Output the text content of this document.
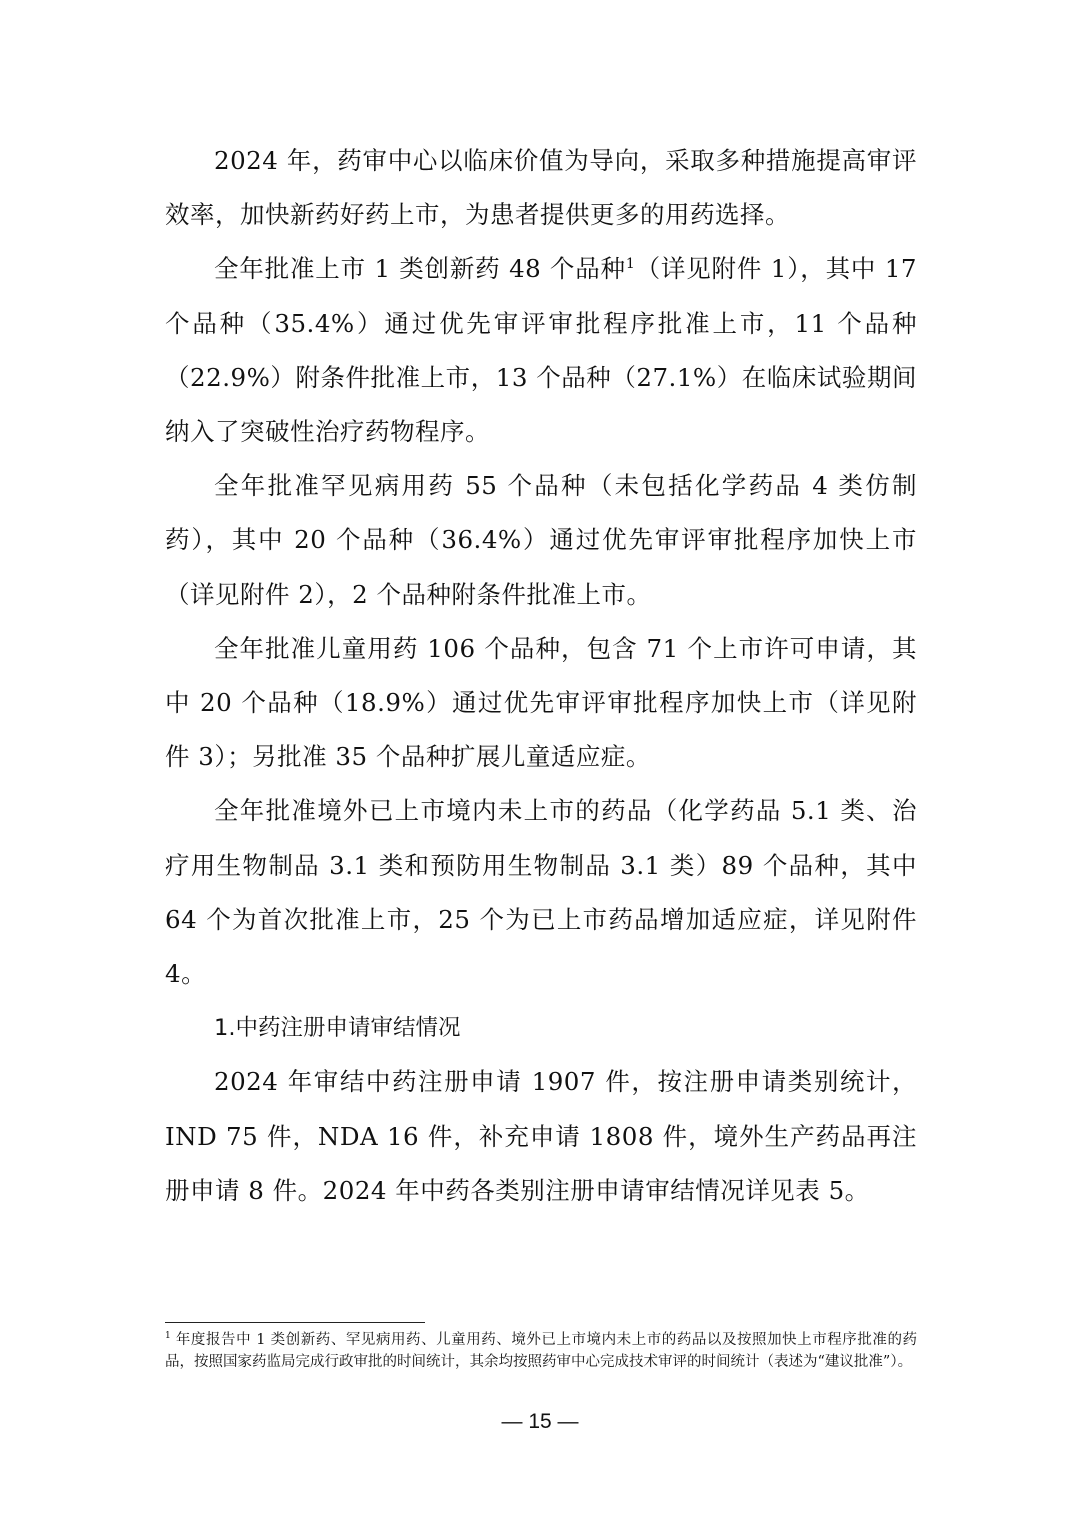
2024 年，药审中心以临床价值为导向，采取多种措施提高审评效率，加快新药好药上市，为患者提供更多的用药选择。

全年批准上市 1 类创新药 48 个品种$^1$（详见附件 1），其中 17 个品种（35.4%）通过优先审评审批程序批准上市，11 个品种（22.9%）附条件批准上市，13 个品种（27.1%）在临床试验期间纳入了突破性治疗药物程序。

全年批准罕见病用药 55 个品种（未包括化学药品 4 类仿制药），其中 20 个品种（36.4%）通过优先审评审批程序加快上市（详见附件 2），2 个品种附条件批准上市。

全年批准儿童用药 106 个品种，包含 71 个上市许可申请，其中 20 个品种（18.9%）通过优先审评审批程序加快上市（详见附件 3）；另批准 35 个品种扩展儿童适应症。

全年批准境外已上市境内未上市的药品（化学药品 5.1 类、治疗用生物制品 3.1 类和预防用生物制品 3.1 类）89 个品种，其中 64 个为首次批准上市，25 个为已上市药品增加适应症，详见附件 4。

1.中药注册申请审结情况

2024 年审结中药注册申请 1907 件，按注册申请类别统计，IND 75 件，NDA 16 件，补充申请 1808 件，境外生产药品再注册申请 8 件。2024 年中药各类别注册申请审结情况详见表 5。

$^1$ 年度报告中 1 类创新药、罕见病用药、儿童用药、境外已上市境内未上市的药品以及按照加快上市程序批准的药品，按照国家药监局完成行政审批的时间统计，其余均按照药审中心完成技术审评的时间统计（表述为“建议批准”）。

— 15 —
